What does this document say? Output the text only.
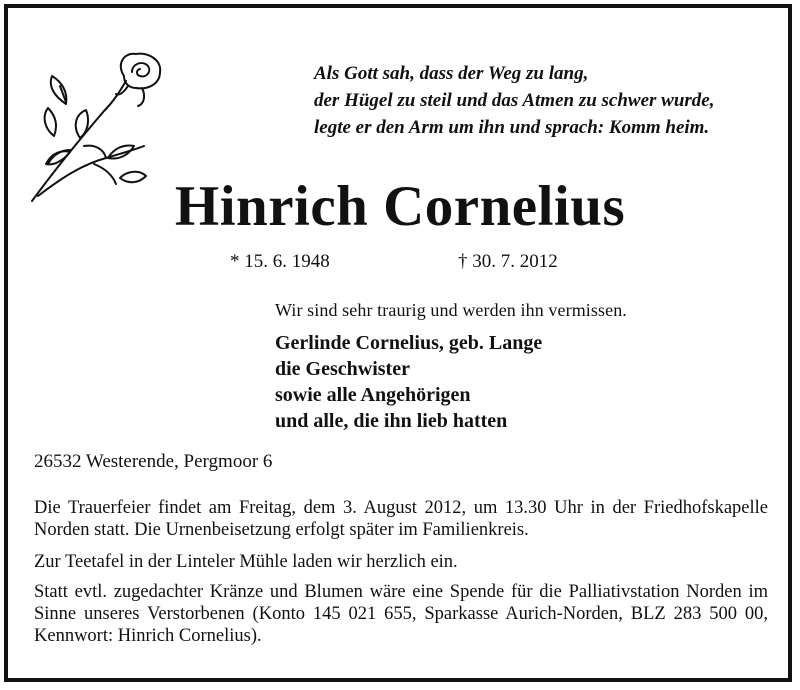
Als Gott sah, dass der Weg zu lang,
der Hügel zu steil und das Atmen zu schwer wurde,
legte er den Arm um ihn und sprach: Komm heim.
Hinrich Cornelius
* 15. 6. 1948	† 30. 7. 2012
Wir sind sehr traurig und werden ihn vermissen.
Gerlinde Cornelius, geb. Lange
die Geschwister
sowie alle Angehörigen
und alle, die ihn lieb hatten
26532 Westerende, Pergmoor 6
Die Trauerfeier findet am Freitag, dem 3. August 2012, um 13.30 Uhr in der Friedhofskapelle Norden statt. Die Urnenbeisetzung erfolgt später im Familienkreis.
Zur Teetafel in der Linteler Mühle laden wir herzlich ein.
Statt evtl. zugedachter Kränze und Blumen wäre eine Spende für die Palliativstation Norden im Sinne unseres Verstorbenen (Konto 145 021 655, Sparkasse Aurich-Norden, BLZ 283 500 00, Kennwort: Hinrich Cornelius).
